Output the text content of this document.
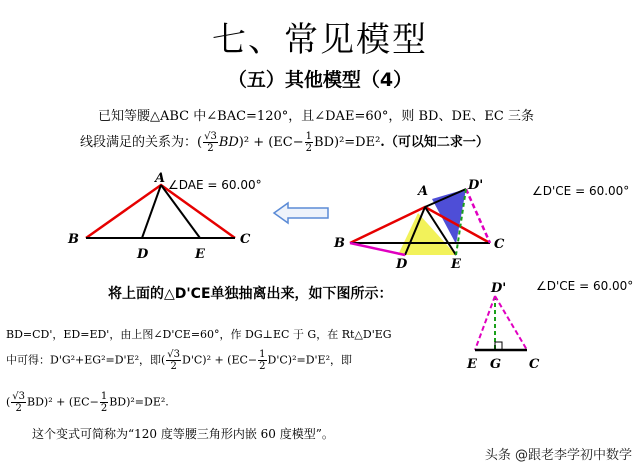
七、常见模型
（五）其他模型（4）
已知等腰△ABC 中∠BAC=120°，且∠DAE=60°，则 BD、DE、EC 三条
线段满足的关系为：( $\frac{√3}{2} BD)^2 + (EC- \frac{1}{2} BD)^2=DE^2$.（可以知二求一）
A
B	C
D	E
∠DAE = 60.00°	A	D'
B	C
D	E
∠D'CE = 60.00°
将上面的△D'CE单独抽离出来，如下图所示：	∠D'CE = 60.00°
D'
E G C
BD=CD'，ED=ED'，由上图∠D'CE=60°，作 DG⊥EC 于 G，在 Rt△D'EG
中可得：D'G²+EG²=D'E²，即( $\frac{√3}{2} D'C)^2 + (EC- \frac{1}{2} D'C)^2=D'E^2$，即
( $\frac{√3}{2} BD)^2 + (EC- \frac{1}{2} BD)^2=DE^2$.
这个变式可简称为“120 度等腰三角形内嵌 60 度模型”。
头条 @跟老李学初中数学
